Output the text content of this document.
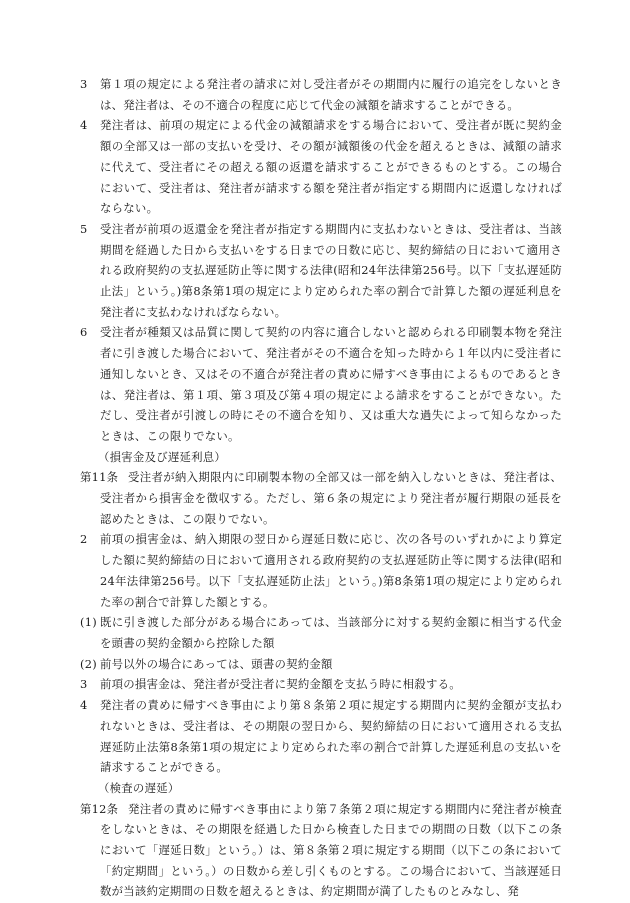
3 第１項の規定による発注者の請求に対し受注者がその期間内に履行の追完をしないときは、発注者は、その不適合の程度に応じて代金の減額を請求することができる。
4 発注者は、前項の規定による代金の減額請求をする場合において、受注者が既に契約金額の全部又は一部の支払いを受け、その額が減額後の代金を超えるときは、減額の請求に代えて、受注者にその超える額の返還を請求することができるものとする。この場合において、受注者は、発注者が請求する額を発注者が指定する期間内に返還しなければならない。
5 受注者が前項の返還金を発注者が指定する期間内に支払わないときは、受注者は、当該期間を経過した日から支払いをする日までの日数に応じ、契約締結の日において適用される政府契約の支払遅延防止等に関する法律(昭和24年法律第256号。以下「支払遅延防止法」という。)第8条第1項の規定により定められた率の割合で計算した額の遅延利息を発注者に支払わなければならない。
6 受注者が種類又は品質に関して契約の内容に適合しないと認められる印刷製本物を発注者に引き渡した場合において、発注者がその不適合を知った時から１年以内に受注者に通知しないとき、又はその不適合が発注者の責めに帰すべき事由によるものであるときは、発注者は、第１項、第３項及び第４項の規定による請求をすることができない。ただし、受注者が引渡しの時にその不適合を知り、又は重大な過失によって知らなかったときは、この限りでない。
（損害金及び遅延利息）
第11条 受注者が納入期限内に印刷製本物の全部又は一部を納入しないときは、発注者は、受注者から損害金を徴収する。ただし、第６条の規定により発注者が履行期限の延長を認めたときは、この限りでない。
2 前項の損害金は、納入期限の翌日から遅延日数に応じ、次の各号のいずれかにより算定した額に契約締結の日において適用される政府契約の支払遅延防止等に関する法律(昭和24年法律第256号。以下「支払遅延防止法」という。)第8条第1項の規定により定められた率の割合で計算した額とする。
(1) 既に引き渡した部分がある場合にあっては、当該部分に対する契約金額に相当する代金を頭書の契約金額から控除した額
(2) 前号以外の場合にあっては、頭書の契約金額
3 前項の損害金は、発注者が受注者に契約金額を支払う時に相殺する。
4 発注者の責めに帰すべき事由により第８条第２項に規定する期間内に契約金額が支払われないときは、受注者は、その期限の翌日から、契約締結の日において適用される支払遅延防止法第8条第1項の規定により定められた率の割合で計算した遅延利息の支払いを請求することができる。
（検査の遅延）
第12条 発注者の責めに帰すべき事由により第７条第２項に規定する期間内に発注者が検査をしないときは、その期限を経過した日から検査した日までの期間の日数（以下この条において「遅延日数」という。）は、第８条第２項に規定する期間（以下この条において「約定期間」という。）の日数から差し引くものとする。この場合において、当該遅延日数が当該約定期間の日数を超えるときは、約定期間が満了したものとみなし、発
